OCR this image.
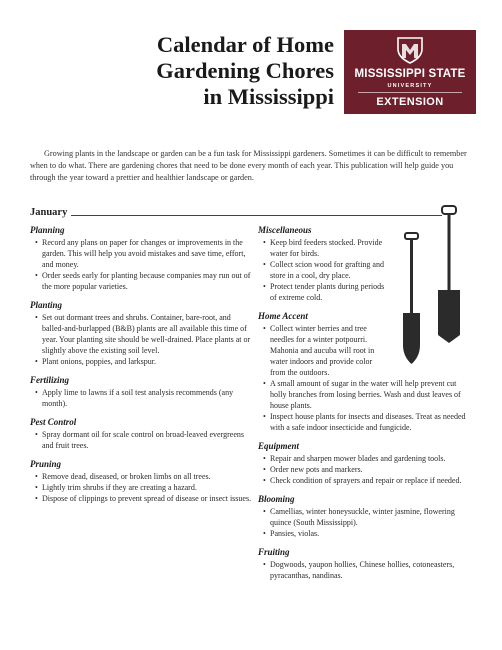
Calendar of Home
Gardening Chores
in Mississippi
MISSISSIPPI STATE
UNIVERSITY
EXTENSION

Growing plants in the landscape or garden can be a fun task for Mississippi gardeners. Sometimes it can be difficult to remember when to do what. There are gardening chores that need to be done every month of each year. This publication will help guide you through the year toward a prettier and healthier landscape or garden.

January
Planning
• Record any plans on paper for changes or improvements in the garden. This will help you avoid mistakes and save time, effort, and money.
• Order seeds early for planting because companies may run out of the more popular varieties.
Planting
• Set out dormant trees and shrubs. Container, bare-root, and balled-and-burlapped (B&B) plants are all available this time of year. Your planting site should be well-drained. Place plants at or slightly above the existing soil level.
• Plant onions, poppies, and larkspur.
Fertilizing
• Apply lime to lawns if a soil test analysis recommends (any month).
Pest Control
• Spray dormant oil for scale control on broad-leaved evergreens and fruit trees.
Pruning
• Remove dead, diseased, or broken limbs on all trees.
• Lightly trim shrubs if they are creating a hazard.
• Dispose of clippings to prevent spread of disease or insect issues.
Miscellaneous
• Keep bird feeders stocked. Provide water for birds.
• Collect scion wood for grafting and store in a cool, dry place.
• Protect tender plants during periods of extreme cold.
Home Accent
• Collect winter berries and tree needles for a winter potpourri. Mahonia and aucuba will root in water indoors and provide color from the outdoors.
• A small amount of sugar in the water will help prevent cut holly branches from losing berries. Wash and dust leaves of house plants.
• Inspect house plants for insects and diseases. Treat as needed with a safe indoor insecticide and fungicide.
Equipment
• Repair and sharpen mower blades and gardening tools.
• Order new pots and markers.
• Check condition of sprayers and repair or replace if needed.
Blooming
• Camellias, winter honeysuckle, winter jasmine, flowering quince (South Mississippi).
• Pansies, violas.
Fruiting
• Dogwoods, yaupon hollies, Chinese hollies, cotoneasters, pyracanthas, nandinas.
